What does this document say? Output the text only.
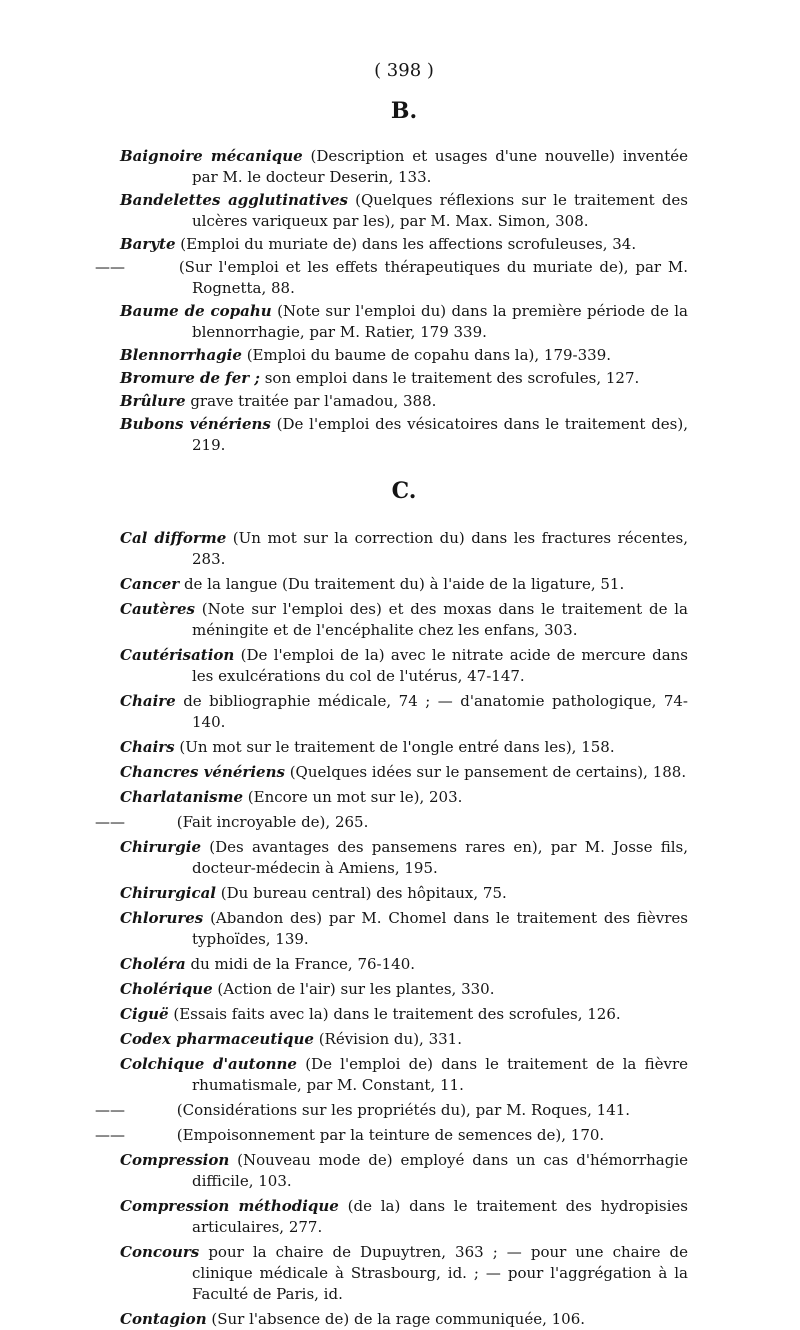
( 398 )
B.
Baignoire mécanique (Description et usages d'une nouvelle) inventée par M. le docteur Deserin, 133.
Bandelettes agglutinatives (Quelques réflexions sur le traitement des ulcères variqueux par les), par M. Max. Simon, 308.
Baryte (Emploi du muriate de) dans les affections scrofuleuses, 34.
——	(Sur l'emploi et les effets thérapeutiques du muriate de), par M. Rognetta, 88.
Baume de copahu (Note sur l'emploi du) dans la première période de la blennorrhagie, par M. Ratier, 179 339.
Blennorrhagie (Emploi du baume de copahu dans la), 179-339.
Bromure de fer ; son emploi dans le traitement des scrofules, 127.
Brûlure grave traitée par l'amadou, 388.
Bubons vénériens (De l'emploi des vésicatoires dans le traitement des), 219.
C.
Cal difforme (Un mot sur la correction du) dans les fractures récentes, 283.
Cancer de la langue (Du traitement du) à l'aide de la ligature, 51.
Cautères (Note sur l'emploi des) et des moxas dans le traitement de la méningite et de l'encéphalite chez les enfans, 303.
Cautérisation (De l'emploi de la) avec le nitrate acide de mercure dans les exulcérations du col de l'utérus, 47-147.
Chaire de bibliographie médicale, 74 ; — d'anatomie pathologique, 74-140.
Chairs (Un mot sur le traitement de l'ongle entré dans les), 158.
Chancres vénériens (Quelques idées sur le pansement de certains), 188.
Charlatanisme (Encore un mot sur le), 203.
——	(Fait incroyable de), 265.
Chirurgie (Des avantages des pansemens rares en), par M. Josse fils, docteur-médecin à Amiens, 195.
Chirurgical (Du bureau central) des hôpitaux, 75.
Chlorures (Abandon des) par M. Chomel dans le traitement des fièvres typhoïdes, 139.
Choléra du midi de la France, 76-140.
Cholérique (Action de l'air) sur les plantes, 330.
Ciguë (Essais faits avec la) dans le traitement des scrofules, 126.
Codex pharmaceutique (Révision du), 331.
Colchique d'autonne (De l'emploi de) dans le traitement de la fièvre rhumatismale, par M. Constant, 11.
——	(Considérations sur les propriétés du), par M. Roques, 141.
——	(Empoisonnement par la teinture de semences de), 170.
Compression (Nouveau mode de) employé dans un cas d'hémorrhagie difficile, 103.
Compression méthodique (de la) dans le traitement des hydropisies articulaires, 277.
Concours pour la chaire de Dupuytren, 363 ; — pour une chaire de clinique médicale à Strasbourg, id. ; — pour l'aggrégation à la Faculté de Paris, id.
Contagion (Sur l'absence de) de la rage communiquée, 106.
